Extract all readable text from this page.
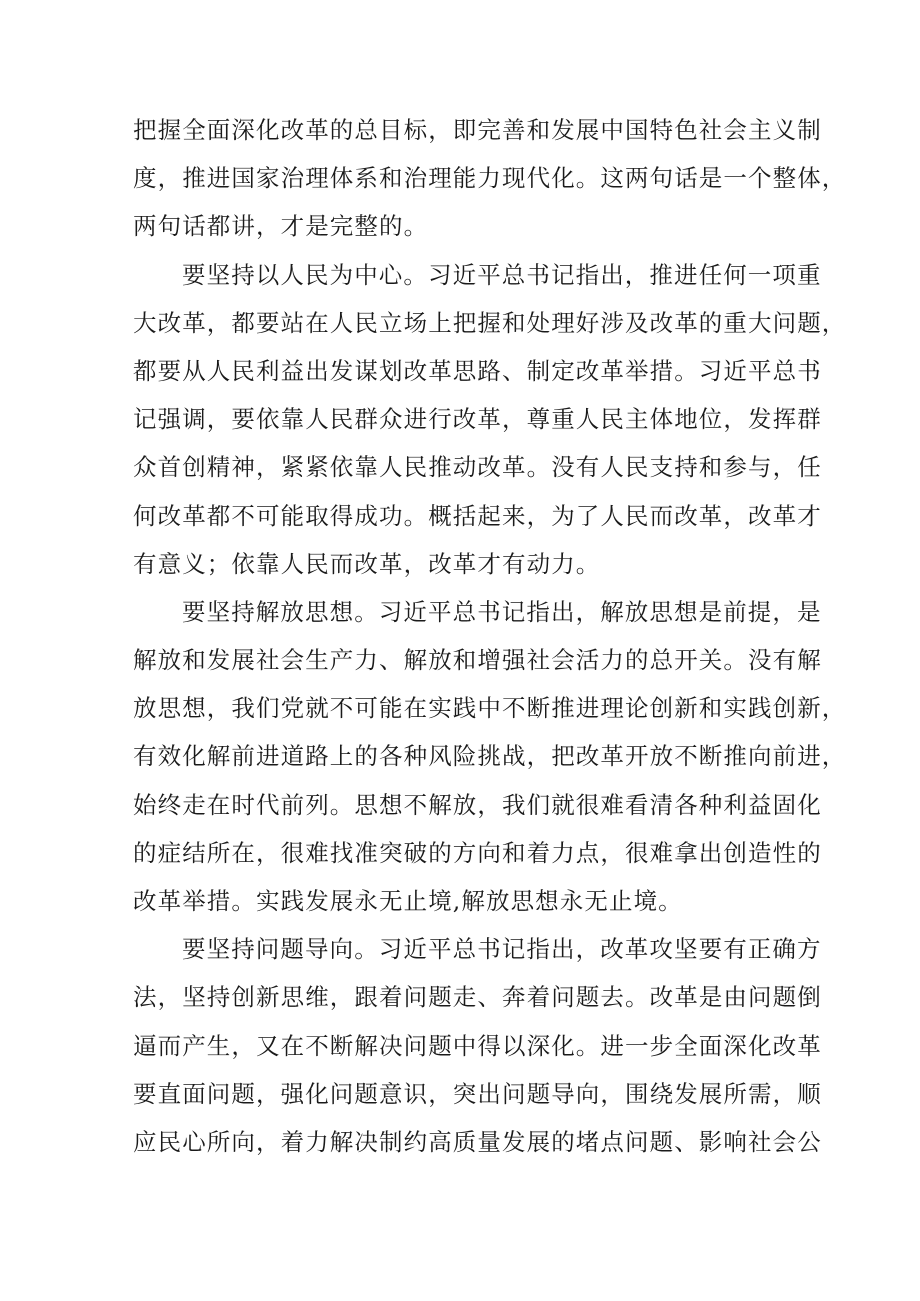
把握全面深化改革的总目标，即完善和发展中国特色社会主义制
度，推进国家治理体系和治理能力现代化。这两句话是一个整体，
两句话都讲，才是完整的。
要坚持以人民为中心。习近平总书记指出，推进任何一项重
大改革，都要站在人民立场上把握和处理好涉及改革的重大问题，
都要从人民利益出发谋划改革思路、制定改革举措。习近平总书
记强调，要依靠人民群众进行改革，尊重人民主体地位，发挥群
众首创精神，紧紧依靠人民推动改革。没有人民支持和参与，任
何改革都不可能取得成功。概括起来，为了人民而改革，改革才
有意义；依靠人民而改革，改革才有动力。
要坚持解放思想。习近平总书记指出，解放思想是前提，是
解放和发展社会生产力、解放和增强社会活力的总开关。没有解
放思想，我们党就不可能在实践中不断推进理论创新和实践创新，
有效化解前进道路上的各种风险挑战，把改革开放不断推向前进，
始终走在时代前列。思想不解放，我们就很难看清各种利益固化
的症结所在，很难找准突破的方向和着力点，很难拿出创造性的
改革举措。实践发展永无止境,解放思想永无止境。
要坚持问题导向。习近平总书记指出，改革攻坚要有正确方
法，坚持创新思维，跟着问题走、奔着问题去。改革是由问题倒
逼而产生，又在不断解决问题中得以深化。进一步全面深化改革
要直面问题，强化问题意识，突出问题导向，围绕发展所需，顺
应民心所向，着力解决制约高质量发展的堵点问题、影响社会公
